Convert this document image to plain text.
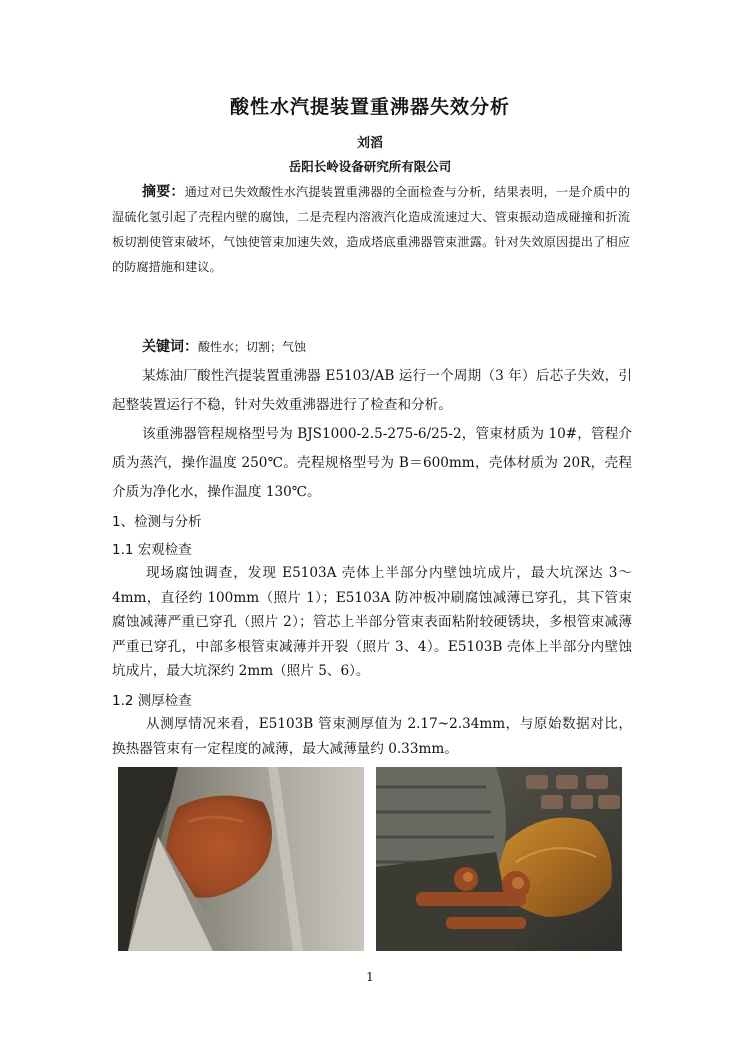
酸性水汽提装置重沸器失效分析
刘滔
岳阳长岭设备研究所有限公司
摘要：通过对已失效酸性水汽提装置重沸器的全面检查与分析，结果表明，一是介质中的湿硫化氢引起了壳程内壁的腐蚀，二是壳程内溶液汽化造成流速过大、管束振动造成碰撞和折流板切割使管束破坏，气蚀使管束加速失效，造成塔底重沸器管束泄露。针对失效原因提出了相应的防腐措施和建议。
关键词：酸性水；切割；气蚀
某炼油厂酸性汽提装置重沸器 E5103/AB 运行一个周期（3 年）后芯子失效，引起整装置运行不稳，针对失效重沸器进行了检查和分析。
该重沸器管程规格型号为 BJS1000-2.5-275-6/25-2，管束材质为 10#，管程介质为蒸汽，操作温度 250℃。壳程规格型号为 B＝600mm，壳体材质为 20R，壳程介质为净化水，操作温度 130℃。
1、检测与分析
1.1 宏观检查
现场腐蚀调查，发现 E5103A 壳体上半部分内壁蚀坑成片，最大坑深达 3～4mm，直径约 100mm（照片 1）；E5103A 防冲板冲刷腐蚀减薄已穿孔，其下管束腐蚀减薄严重已穿孔（照片 2）；管芯上半部分管束表面粘附较硬锈块，多根管束减薄严重已穿孔，中部多根管束减薄并开裂（照片 3、4）。E5103B 壳体上半部分内壁蚀坑成片，最大坑深约 2mm（照片 5、6）。
1.2 测厚检查
从测厚情况来看，E5103B 管束测厚值为 2.17~2.34mm，与原始数据对比，换热器管束有一定程度的减薄，最大减薄量约 0.33mm。
1
